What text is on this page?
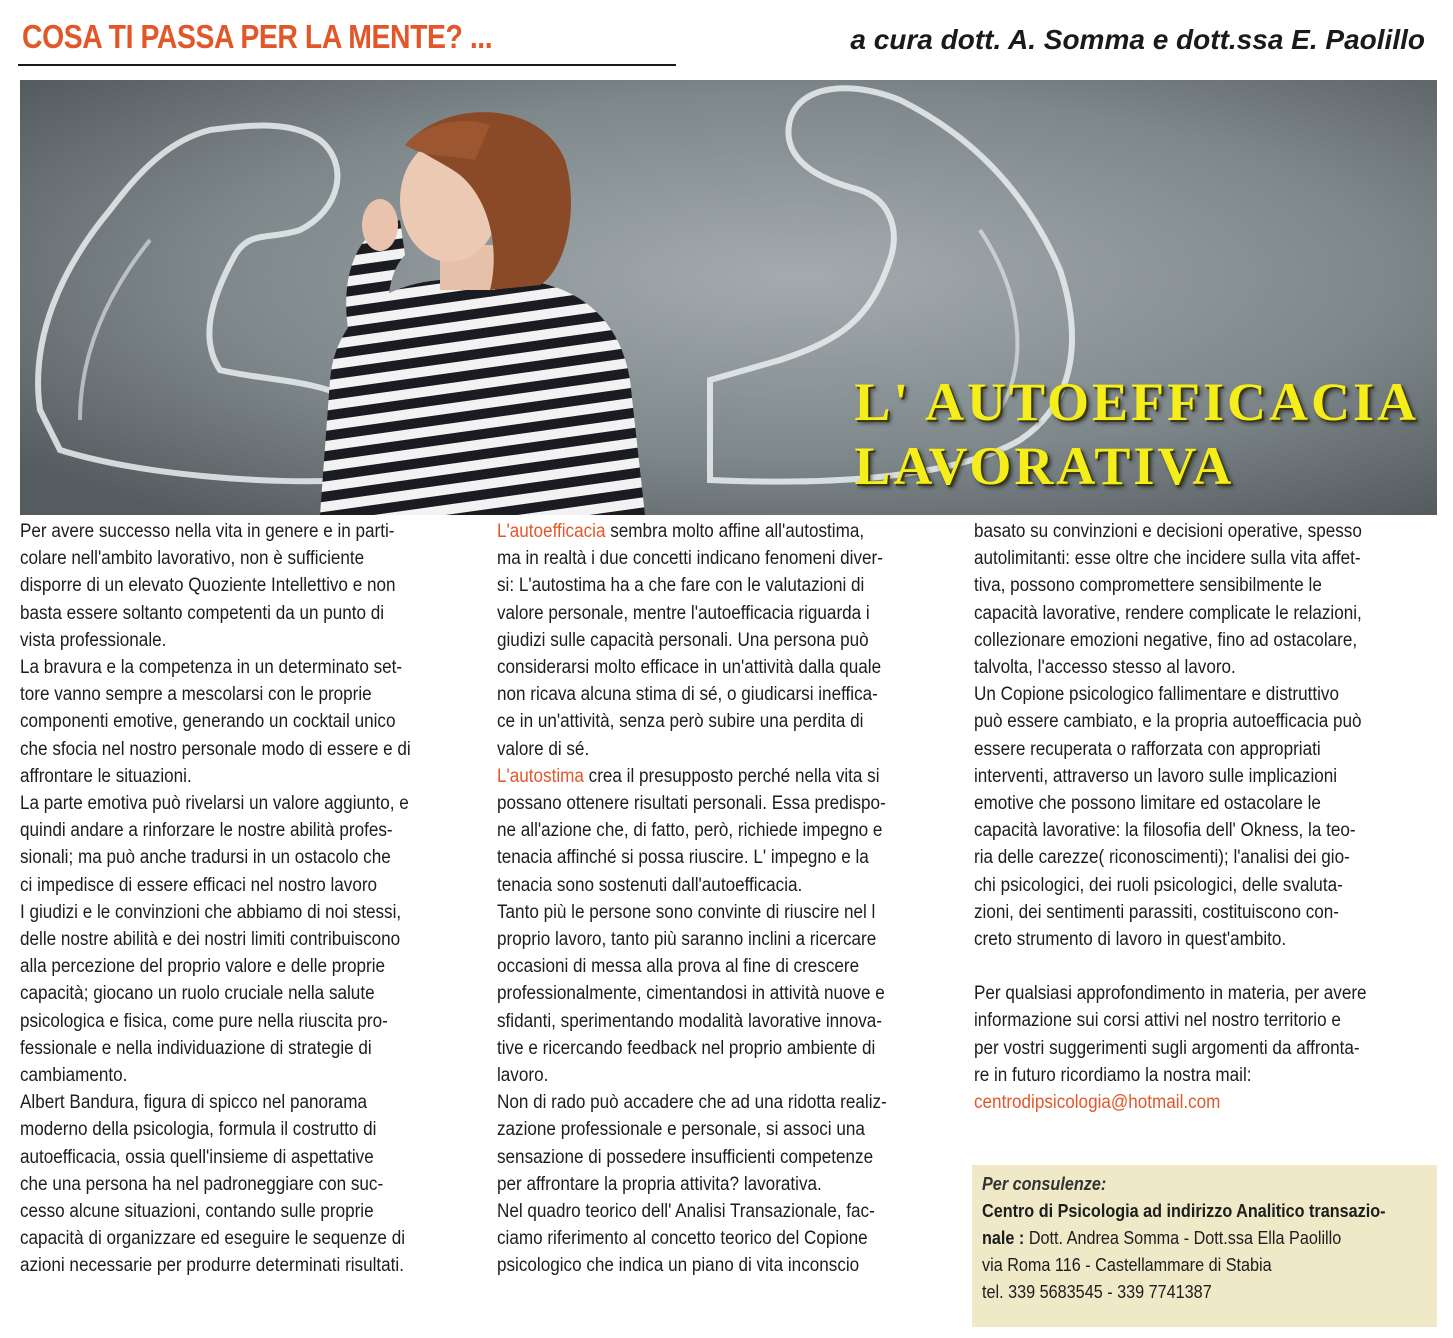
COSA TI PASSA PER LA MENTE? ...	a cura dott. A. Somma e dott.ssa E. Paolillo
L' AUTOEFFICACIA
LAVORATIVA

Per avere successo nella vita in genere e in parti-

colare nell'ambito lavorativo, non è sufficiente

disporre di un elevato Quoziente Intellettivo e non

basta essere soltanto competenti da un punto di

vista professionale.

La bravura e la competenza in un determinato set-

tore vanno sempre a mescolarsi con le proprie

componenti emotive, generando un cocktail unico

che sfocia nel nostro personale modo di essere e di

affrontare le situazioni.

La parte emotiva può rivelarsi un valore aggiunto, e

quindi andare a rinforzare le nostre abilità profes-

sionali; ma può anche tradursi in un ostacolo che

ci impedisce di essere efficaci nel nostro lavoro

I giudizi e le convinzioni che abbiamo di noi stessi,

delle nostre abilità e dei nostri limiti contribuiscono

alla percezione del proprio valore e delle proprie

capacità; giocano un ruolo cruciale nella salute

psicologica e fisica, come pure nella riuscita pro-

fessionale e nella individuazione di strategie di

cambiamento.

Albert Bandura, figura di spicco nel panorama

moderno della psicologia, formula il costrutto di

autoefficacia, ossia quell'insieme di aspettative

che una persona ha nel padroneggiare con suc-

cesso alcune situazioni, contando sulle proprie

capacità di organizzare ed eseguire le sequenze di

azioni necessarie per produrre determinati risultati.

L'autoefficacia sembra molto affine all'autostima,

ma in realtà i due concetti indicano fenomeni diver-

si: L'autostima ha a che fare con le valutazioni di

valore personale, mentre l'autoefficacia riguarda i

giudizi sulle capacità personali. Una persona può

considerarsi molto efficace in un'attività dalla quale

non ricava alcuna stima di sé, o giudicarsi ineffica-

ce in un'attività, senza però subire una perdita di

valore di sé.

L'autostima crea il presupposto perché nella vita si

possano ottenere risultati personali. Essa predispo-

ne all'azione che, di fatto, però, richiede impegno e

tenacia affinché si possa riuscire. L' impegno e la

tenacia sono sostenuti dall'autoefficacia.

Tanto più le persone sono convinte di riuscire nel l

proprio lavoro, tanto più saranno inclini a ricercare

occasioni di messa alla prova al fine di crescere

professionalmente, cimentandosi in attività nuove e

sfidanti, sperimentando modalità lavorative innova-

tive e ricercando feedback nel proprio ambiente di

lavoro.

Non di rado può accadere che ad una ridotta realiz-

zazione professionale e personale, si associ una

sensazione di possedere insufficienti competenze

per affrontare la propria attivita? lavorativa.

Nel quadro teorico dell' Analisi Transazionale, fac-

ciamo riferimento al concetto teorico del Copione

psicologico che indica un piano di vita inconscio

basato su convinzioni e decisioni operative, spesso

autolimitanti: esse oltre che incidere sulla vita affet-

tiva, possono compromettere sensibilmente le

capacità lavorative, rendere complicate le relazioni,

collezionare emozioni negative, fino ad ostacolare,

talvolta, l'accesso stesso al lavoro.

Un Copione psicologico fallimentare e distruttivo

può essere cambiato, e la propria autoefficacia può

essere recuperata o rafforzata con appropriati

interventi, attraverso un lavoro sulle implicazioni

emotive che possono limitare ed ostacolare le

capacità lavorative: la filosofia dell' Okness, la teo-

ria delle carezze( riconoscimenti); l'analisi dei gio-

chi psicologici, dei ruoli psicologici, delle svaluta-

zioni, dei sentimenti parassiti, costituiscono con-

creto strumento di lavoro in quest'ambito.

Per qualsiasi approfondimento in materia, per avere

informazione sui corsi attivi nel nostro territorio e

per vostri suggerimenti sugli argomenti da affronta-

re in futuro ricordiamo la nostra mail:

centrodipsicologia@hotmail.com

Per consulenze:

Centro di Psicologia ad indirizzo Analitico transazio-

nale : Dott. Andrea Somma - Dott.ssa Ella Paolillo

via Roma 116 - Castellammare di Stabia

tel. 339 5683545 - 339 7741387
